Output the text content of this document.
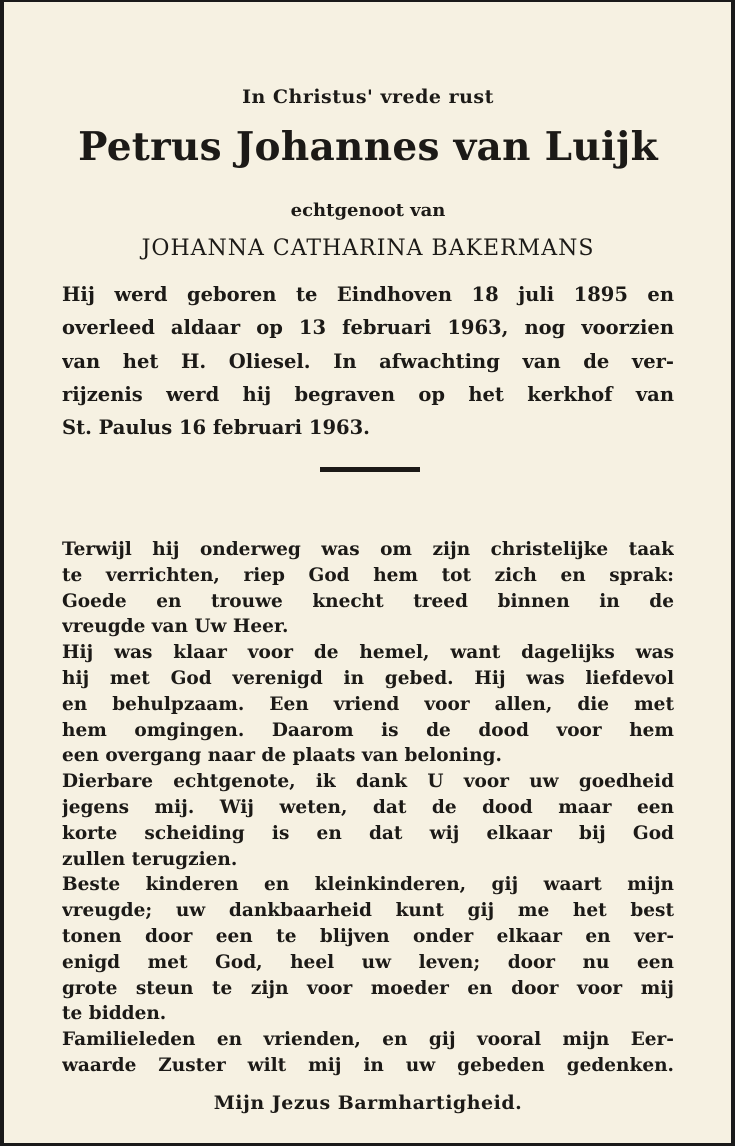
In Christus' vrede rust
Petrus Johannes van Luijk
echtgenoot van
JOHANNA CATHARINA BAKERMANS
Hij werd geboren te Eindhoven 18 juli 1895 en
overleed aldaar op 13 februari 1963, nog voorzien
van het H. Oliesel. In afwachting van de ver-
rijzenis werd hij begraven op het kerkhof van
St. Paulus 16 februari 1963.
Terwijl hij onderweg was om zijn christelijke taak
te verrichten, riep God hem tot zich en sprak:
Goede en trouwe knecht treed binnen in de
vreugde van Uw Heer.
Hij was klaar voor de hemel, want dagelijks was
hij met God verenigd in gebed. Hij was liefdevol
en behulpzaam. Een vriend voor allen, die met
hem omgingen. Daarom is de dood voor hem
een overgang naar de plaats van beloning.
Dierbare echtgenote, ik dank U voor uw goedheid
jegens mij. Wij weten, dat de dood maar een
korte scheiding is en dat wij elkaar bij God
zullen terugzien.
Beste kinderen en kleinkinderen, gij waart mijn
vreugde; uw dankbaarheid kunt gij me het best
tonen door een te blijven onder elkaar en ver-
enigd met God, heel uw leven; door nu een
grote steun te zijn voor moeder en door voor mij
te bidden.
Familieleden en vrienden, en gij vooral mijn Eer-
waarde Zuster wilt mij in uw gebeden gedenken.
Mijn Jezus Barmhartigheid.
